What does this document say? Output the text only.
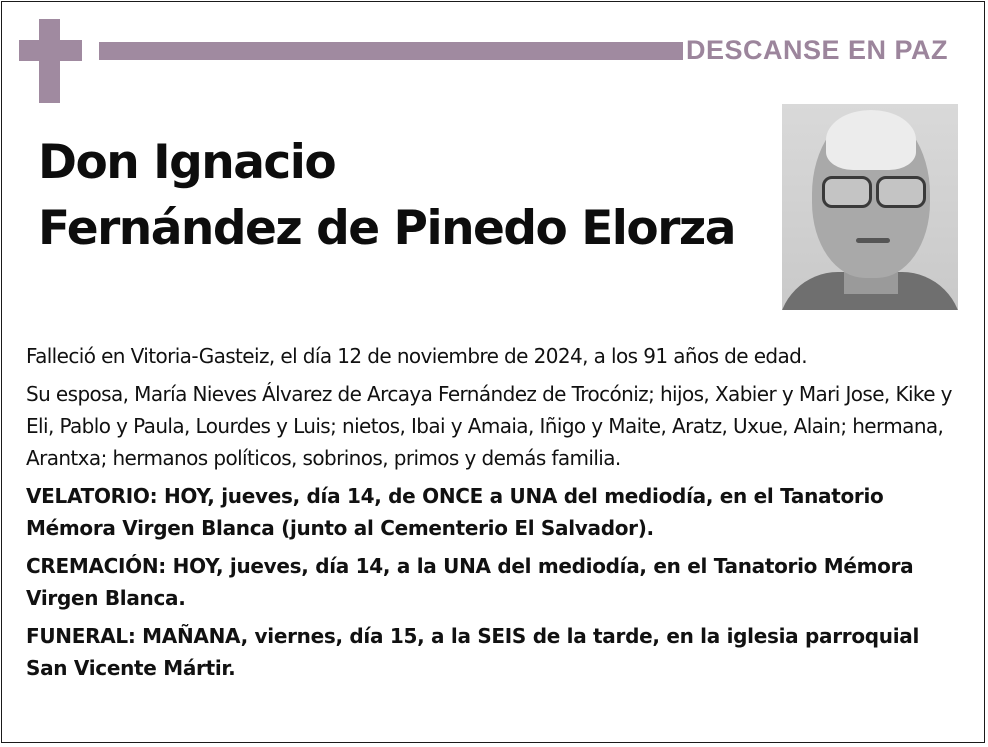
DESCANSE EN PAZ
Don Ignacio
Fernández de Pinedo Elorza

Falleció en Vitoria-Gasteiz, el día 12 de noviembre de 2024, a los 91 años de edad.

Su esposa, María Nieves Álvarez de Arcaya Fernández de Trocóniz; hijos, Xabier y Mari Jose, Kike y Eli, Pablo y Paula, Lourdes y Luis; nietos, Ibai y Amaia, Iñigo y Maite, Aratz, Uxue, Alain; hermana, Arantxa; hermanos políticos, sobrinos, primos y demás familia.

VELATORIO: HOY, jueves, día 14, de ONCE a UNA del mediodía, en el Tanatorio Mémora Virgen Blanca (junto al Cementerio El Salvador).

CREMACIÓN: HOY, jueves, día 14, a la UNA del mediodía, en el Tanatorio Mémora Virgen Blanca.

FUNERAL: MAÑANA, viernes, día 15, a la SEIS de la tarde, en la iglesia parroquial San Vicente Mártir.
